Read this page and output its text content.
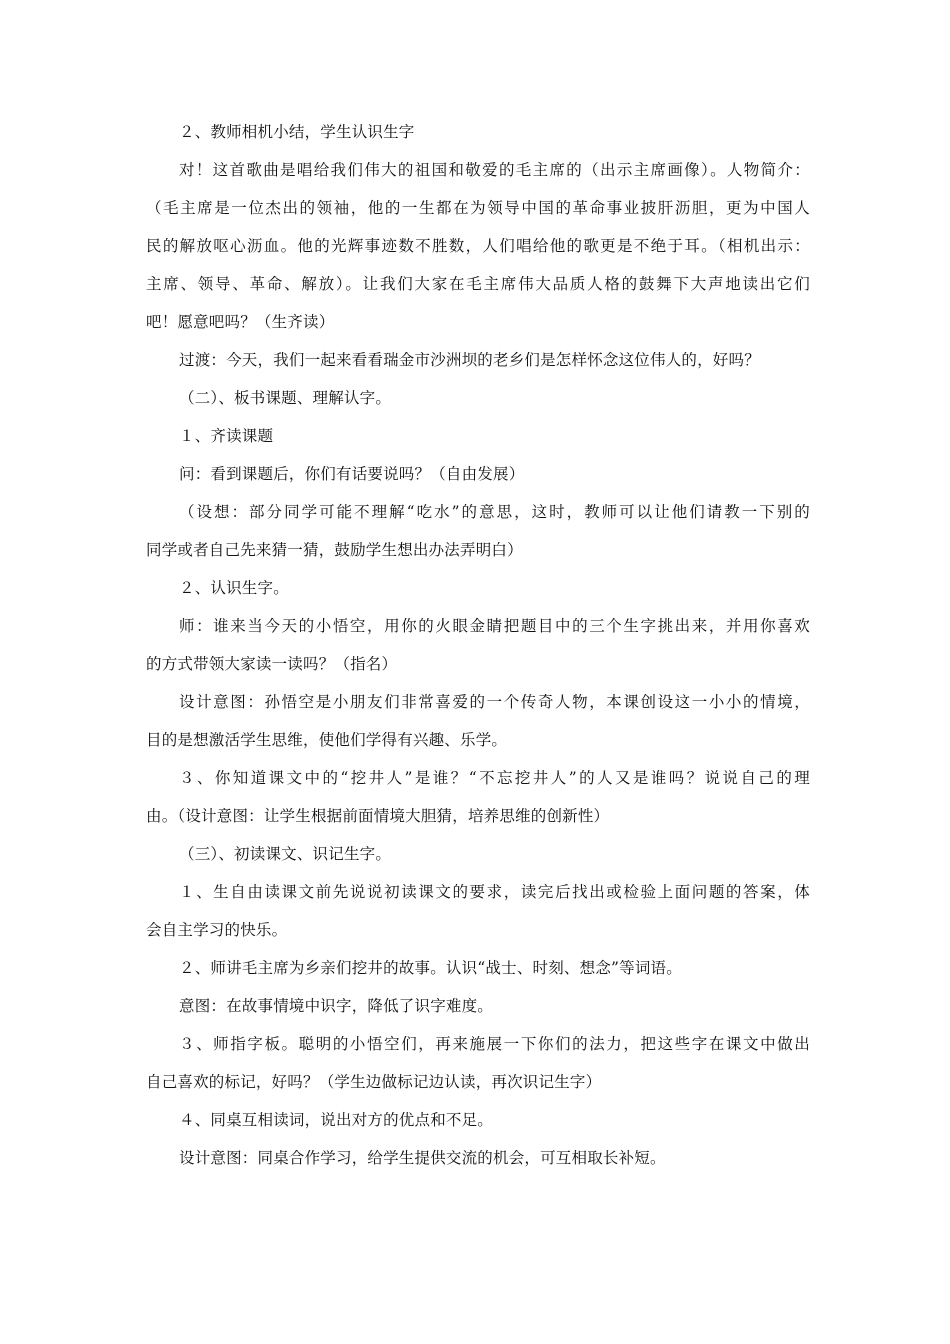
２、教师相机小结，学生认识生字
对！这首歌曲是唱给我们伟大的祖国和敬爱的毛主席的（出示主席画像）。人物简介：
（毛主席是一位杰出的领袖，他的一生都在为领导中国的革命事业披肝沥胆，更为中国人
民的解放呕心沥血。他的光辉事迹数不胜数，人们唱给他的歌更是不绝于耳。（相机出示：
主席、领导、革命、解放）。让我们大家在毛主席伟大品质人格的鼓舞下大声地读出它们
吧！愿意吧吗？（生齐读）
过渡：今天，我们一起来看看瑞金市沙洲坝的老乡们是怎样怀念这位伟人的，好吗？
（二）、板书课题、理解认字。
１、齐读课题
问：看到课题后，你们有话要说吗？（自由发展）
（设想：部分同学可能不理解“吃水”的意思，这时，教师可以让他们请教一下别的
同学或者自己先来猜一猜，鼓励学生想出办法弄明白）
２、认识生字。
师：谁来当今天的小悟空，用你的火眼金睛把题目中的三个生字挑出来，并用你喜欢
的方式带领大家读一读吗？（指名）
设计意图：孙悟空是小朋友们非常喜爱的一个传奇人物，本课创设这一小小的情境，
目的是想激活学生思维，使他们学得有兴趣、乐学。
３、你知道课文中的“挖井人”是谁？“不忘挖井人”的人又是谁吗？说说自己的理
由。（设计意图：让学生根据前面情境大胆猜，培养思维的创新性）
（三）、初读课文、识记生字。
１、生自由读课文前先说说初读课文的要求，读完后找出或检验上面问题的答案，体
会自主学习的快乐。
２、师讲毛主席为乡亲们挖井的故事。认识“战士、时刻、想念”等词语。
意图：在故事情境中识字，降低了识字难度。
３、师指字板。聪明的小悟空们，再来施展一下你们的法力，把这些字在课文中做出
自己喜欢的标记，好吗？（学生边做标记边认读，再次识记生字）
４、同桌互相读词，说出对方的优点和不足。
设计意图：同桌合作学习，给学生提供交流的机会，可互相取长补短。
